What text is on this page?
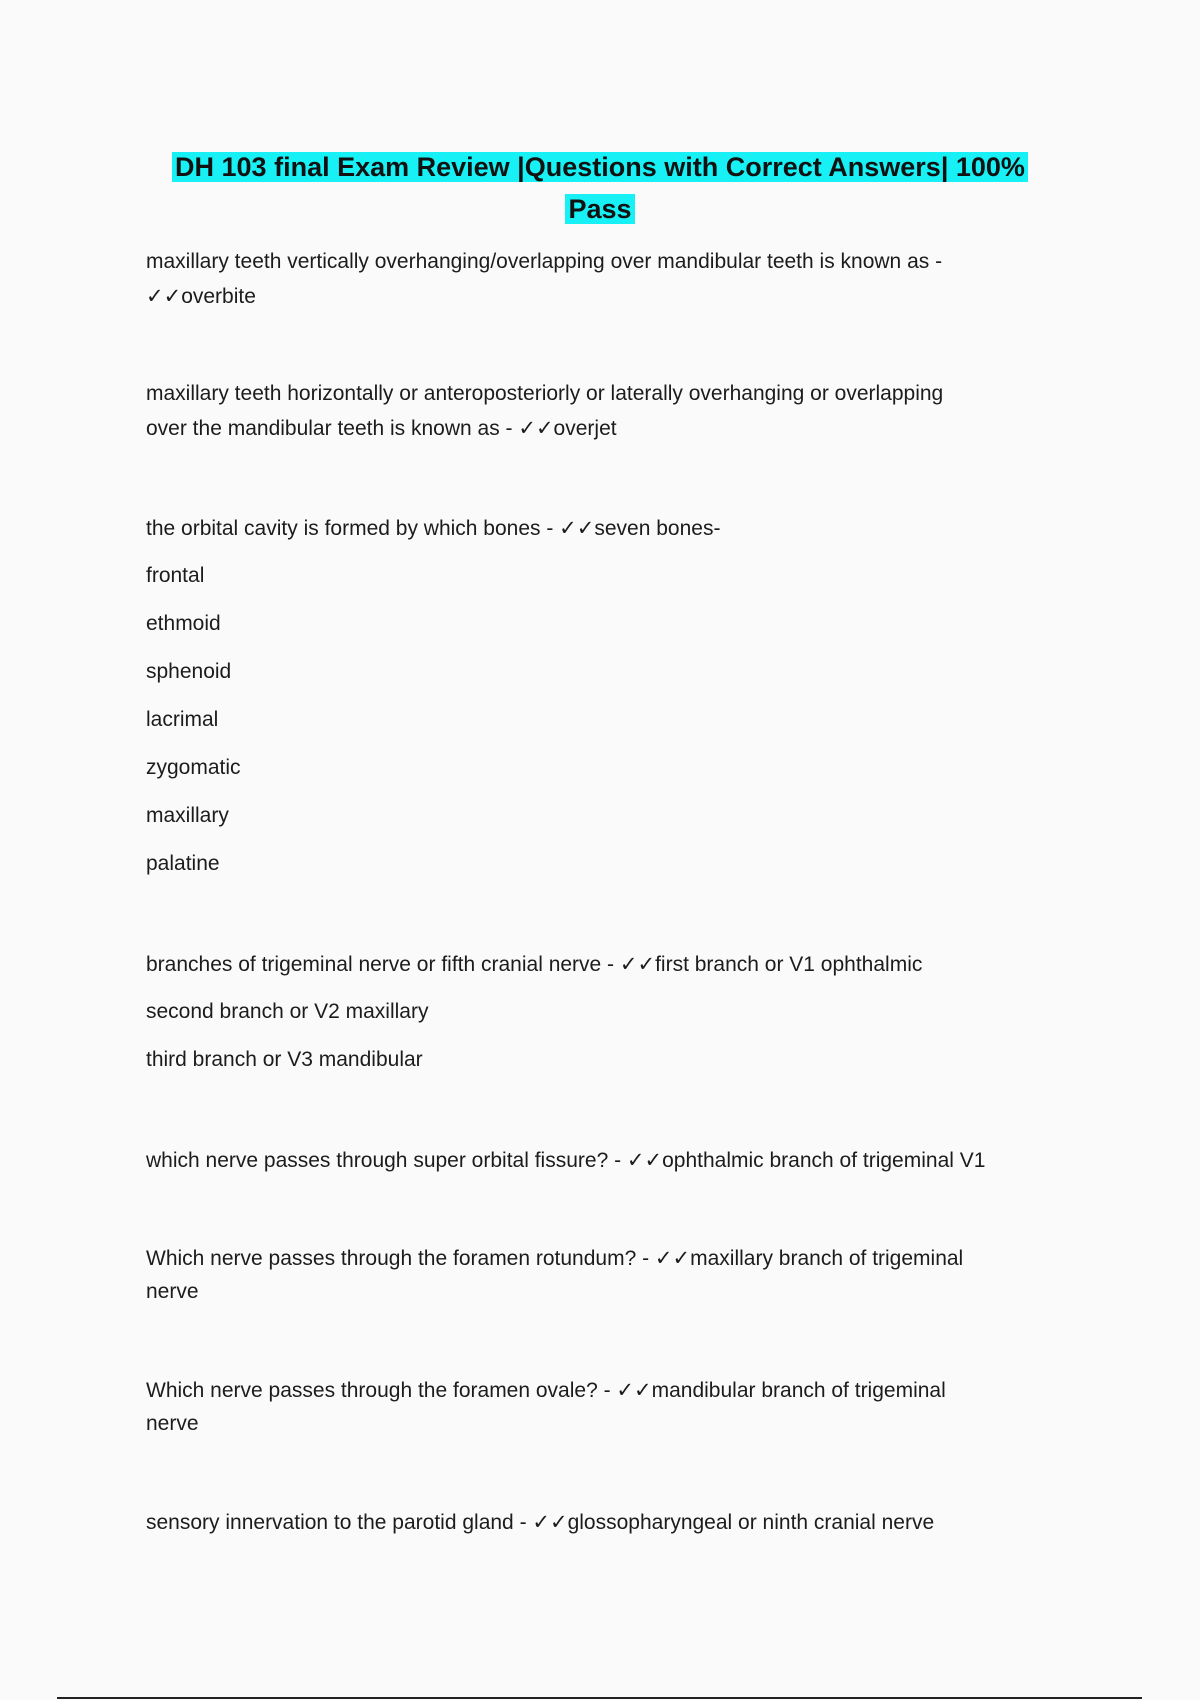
DH 103 final Exam Review |Questions with Correct Answers| 100%
Pass
maxillary teeth vertically overhanging/overlapping over mandibular teeth is known as -
✓✓overbite
maxillary teeth horizontally or anteroposteriorly or laterally overhanging or overlapping
over the mandibular teeth is known as - ✓✓overjet
the orbital cavity is formed by which bones - ✓✓seven bones-
frontal
ethmoid
sphenoid
lacrimal
zygomatic
maxillary
palatine
branches of trigeminal nerve or fifth cranial nerve - ✓✓first branch or V1 ophthalmic
second branch or V2 maxillary
third branch or V3 mandibular
which nerve passes through super orbital fissure? - ✓✓ophthalmic branch of trigeminal V1
Which nerve passes through the foramen rotundum? - ✓✓maxillary branch of trigeminal
nerve
Which nerve passes through the foramen ovale? - ✓✓mandibular branch of trigeminal
nerve
sensory innervation to the parotid gland - ✓✓glossopharyngeal or ninth cranial nerve
